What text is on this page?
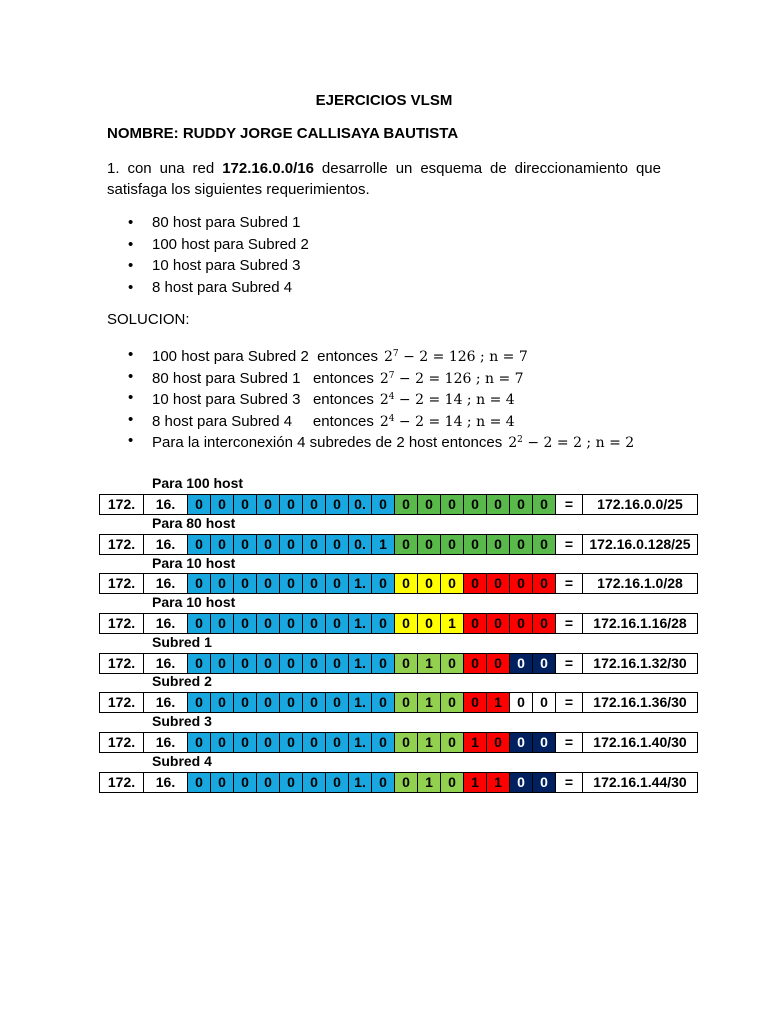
EJERCICIOS VLSM
NOMBRE: RUDDY JORGE CALLISAYA BAUTISTA
1. con una red 172.16.0.0/16 desarrolle un esquema de direccionamiento que satisfaga los siguientes requerimientos.
• 80 host para Subred 1
• 100 host para Subred 2
• 10 host para Subred 3
• 8 host para Subred 4
SOLUCION:
• 100 host para Subred 2  entonces $2^7 - 2 = 126$ ; n = 7
• 80 host para Subred 1   entonces $2^7 - 2 = 126$ ; n = 7
• 10 host para Subred 3   entonces $2^4 - 2 = 14$ ; n = 4
• 8 host para Subred 4     entonces $2^4 - 2 = 14$ ; n = 4
• Para la interconexión 4 subredes de 2 host entonces $2^2 - 2 = 2$ ; n = 2
Para 100 host
172.	16.	0	0	0	0	0	0	0	0.	0	0	0	0	0	0	0	0	=	172.16.0.0/25
Para 80 host
172.	16.	0	0	0	0	0	0	0	0.	1	0	0	0	0	0	0	0	=	172.16.0.128/25
Para 10 host
172.	16.	0	0	0	0	0	0	0	1.	0	0	0	0	0	0	0	0	=	172.16.1.0/28
Para 10 host
172.	16.	0	0	0	0	0	0	0	1.	0	0	0	1	0	0	0	0	=	172.16.1.16/28
Subred 1
172.	16.	0	0	0	0	0	0	0	1.	0	0	1	0	0	0	0	0	=	172.16.1.32/30
Subred 2
172.	16.	0	0	0	0	0	0	0	1.	0	0	1	0	0	1	0	0	=	172.16.1.36/30
Subred 3
172.	16.	0	0	0	0	0	0	0	1.	0	0	1	0	1	0	0	0	=	172.16.1.40/30
Subred 4
172.	16.	0	0	0	0	0	0	0	1.	0	0	1	0	1	1	0	0	=	172.16.1.44/30
